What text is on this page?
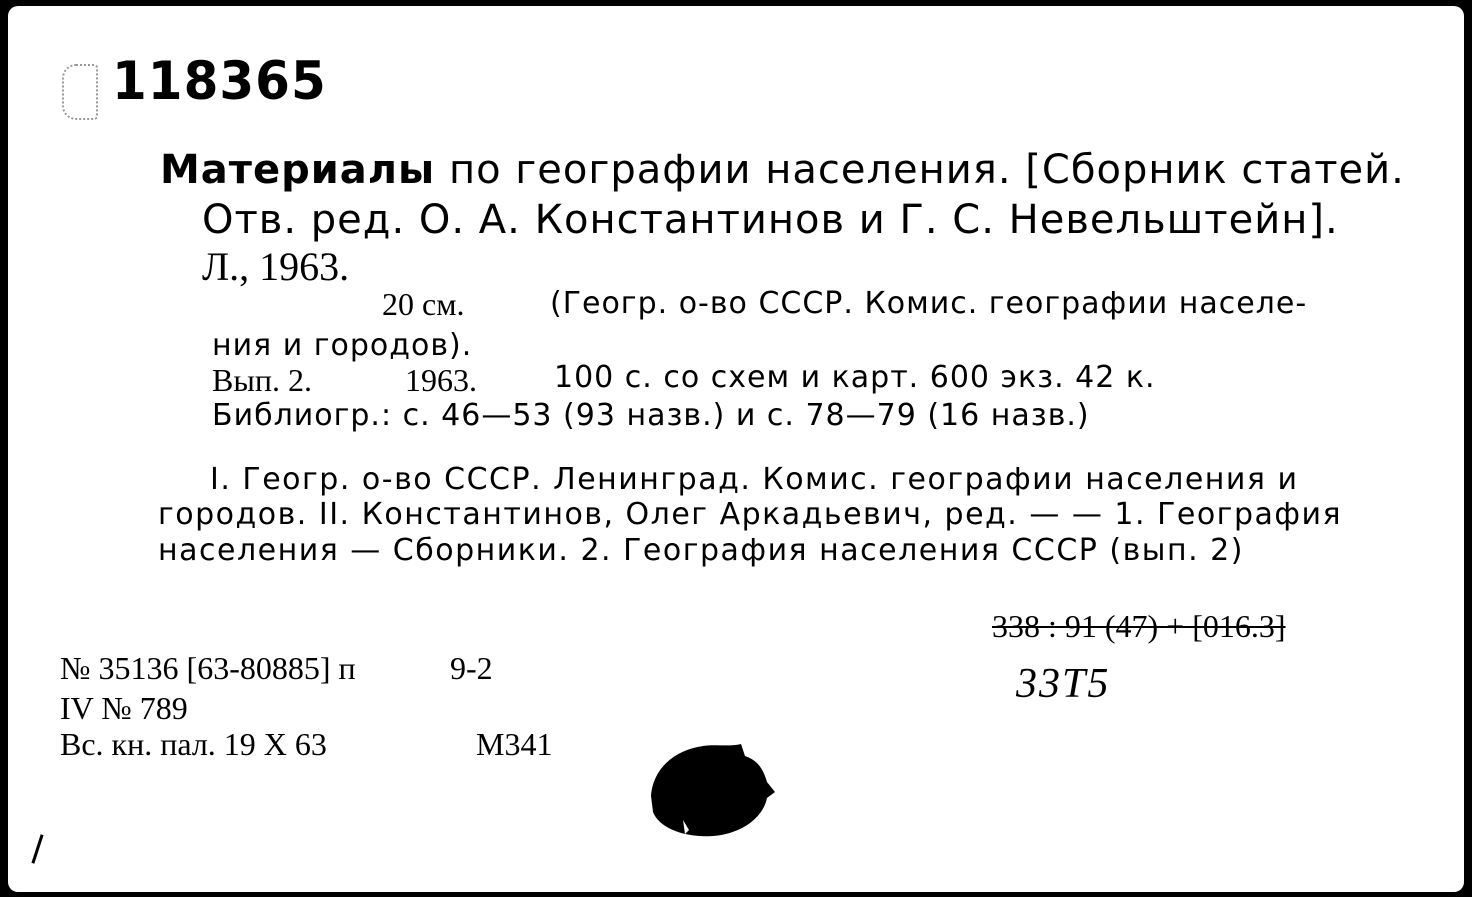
118365
Материалы по географии населения. [Сборник статей.
Отв. ред. О. А. Константинов и Г. С. Невельштейн].
Л., 1963.
20 см.	(Геогр. о-во СССР. Комис. географии населе-
ния и городов).
Вып. 2.	1963.	100 с. со схем и карт. 600 экз. 42 к.
Библиогр.: с. 46—53 (93 назв.) и с. 78—79 (16 назв.)
I. Геогр. о-во СССР. Ленинград. Комис. географии населения и
городов. II. Константинов, Олег Аркадьевич, ред. — — 1. География
населения — Сборники. 2. География населения СССР (вып. 2)
338 : 91 (47) + [016.3]
33Т5
№ 35136 [63-80885] п	9-2
IV № 789
Вс. кн. пал. 19 X 63	М341
